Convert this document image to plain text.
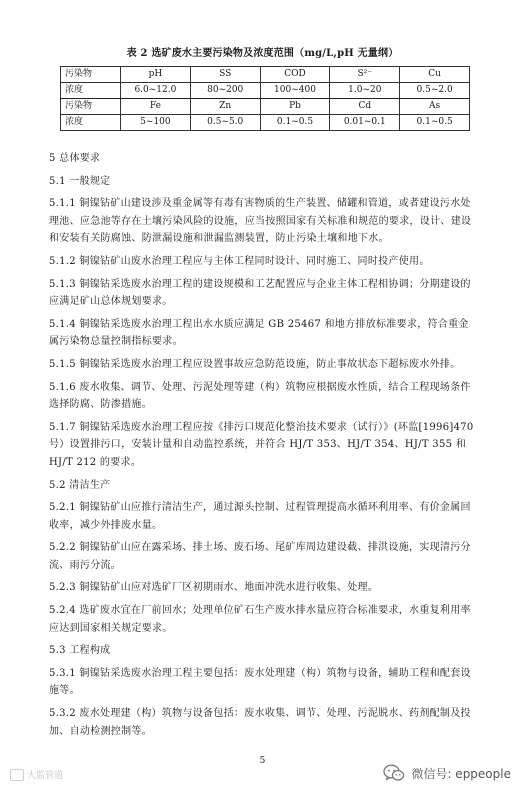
表 2 选矿废水主要污染物及浓度范围（mg/L,pH 无量纲）
污染物	pH	SS	COD	S²⁻	Cu
浓度	6.0~12.0	80~200	100~400	1.0~20	0.5~2.0
污染物	Fe	Zn	Pb	Cd	As
浓度	5~100	0.5~5.0	0.1~0.5	0.01~0.1	0.1~0.5

5 总体要求

5.1 一般规定

5.1.1 铜镍钴矿山建设涉及重金属等有毒有害物质的生产装置、储罐和管道，或者建设污水处理池、应急池等存在土壤污染风险的设施，应当按照国家有关标准和规范的要求，设计、建设和安装有关防腐蚀、防泄漏设施和泄漏监测装置，防止污染土壤和地下水。

5.1.2 铜镍钴矿山废水治理工程应与主体工程同时设计、同时施工、同时投产使用。

5.1.3 铜镍钴采选废水治理工程的建设规模和工艺配置应与企业主体工程相协调；分期建设的应满足矿山总体规划要求。

5.1.4 铜镍钴采选废水治理工程出水水质应满足 GB 25467 和地方排放标准要求，符合重金属污染物总量控制指标要求。

5.1.5 铜镍钴采选废水治理工程应设置事故应急防范设施，防止事故状态下超标废水外排。

5.1.6 废水收集、调节、处理、污泥处理等建（构）筑物应根据废水性质，结合工程现场条件选择防腐、防渗措施。

5.1.7 铜镍钴采选废水治理工程应按《排污口规范化整治技术要求（试行）》(环监[1996]470 号）设置排污口，安装计量和自动监控系统，并符合 HJ/T 353、HJ/T 354、HJ/T 355 和 HJ/T 212 的要求。

5.2 清洁生产

5.2.1 铜镍钴矿山应推行清洁生产，通过源头控制、过程管理提高水循环利用率、有价金属回收率，减少外排废水量。

5.2.2 铜镍钴矿山应在露采场、排土场、废石场、尾矿库周边建设截、排洪设施，实现清污分流、雨污分流。

5.2.3 铜镍钴矿山应对选矿厂区初期雨水、地面冲洗水进行收集、处理。

5.2.4 选矿废水宜在厂前回水；处理单位矿石生产废水排水量应符合标准要求，水重复利用率应达到国家相关规定要求。

5.3 工程构成

5.3.1 铜镍钴采选废水治理工程主要包括：废水处理建（构）筑物与设备，辅助工程和配套设施等。

5.3.2 废水处理建（构）筑物与设备包括：废水收集、调节、处理、污泥脱水、药剂配制及投加、自动检测控制等。

5
大监管道	微信号: eppeople
